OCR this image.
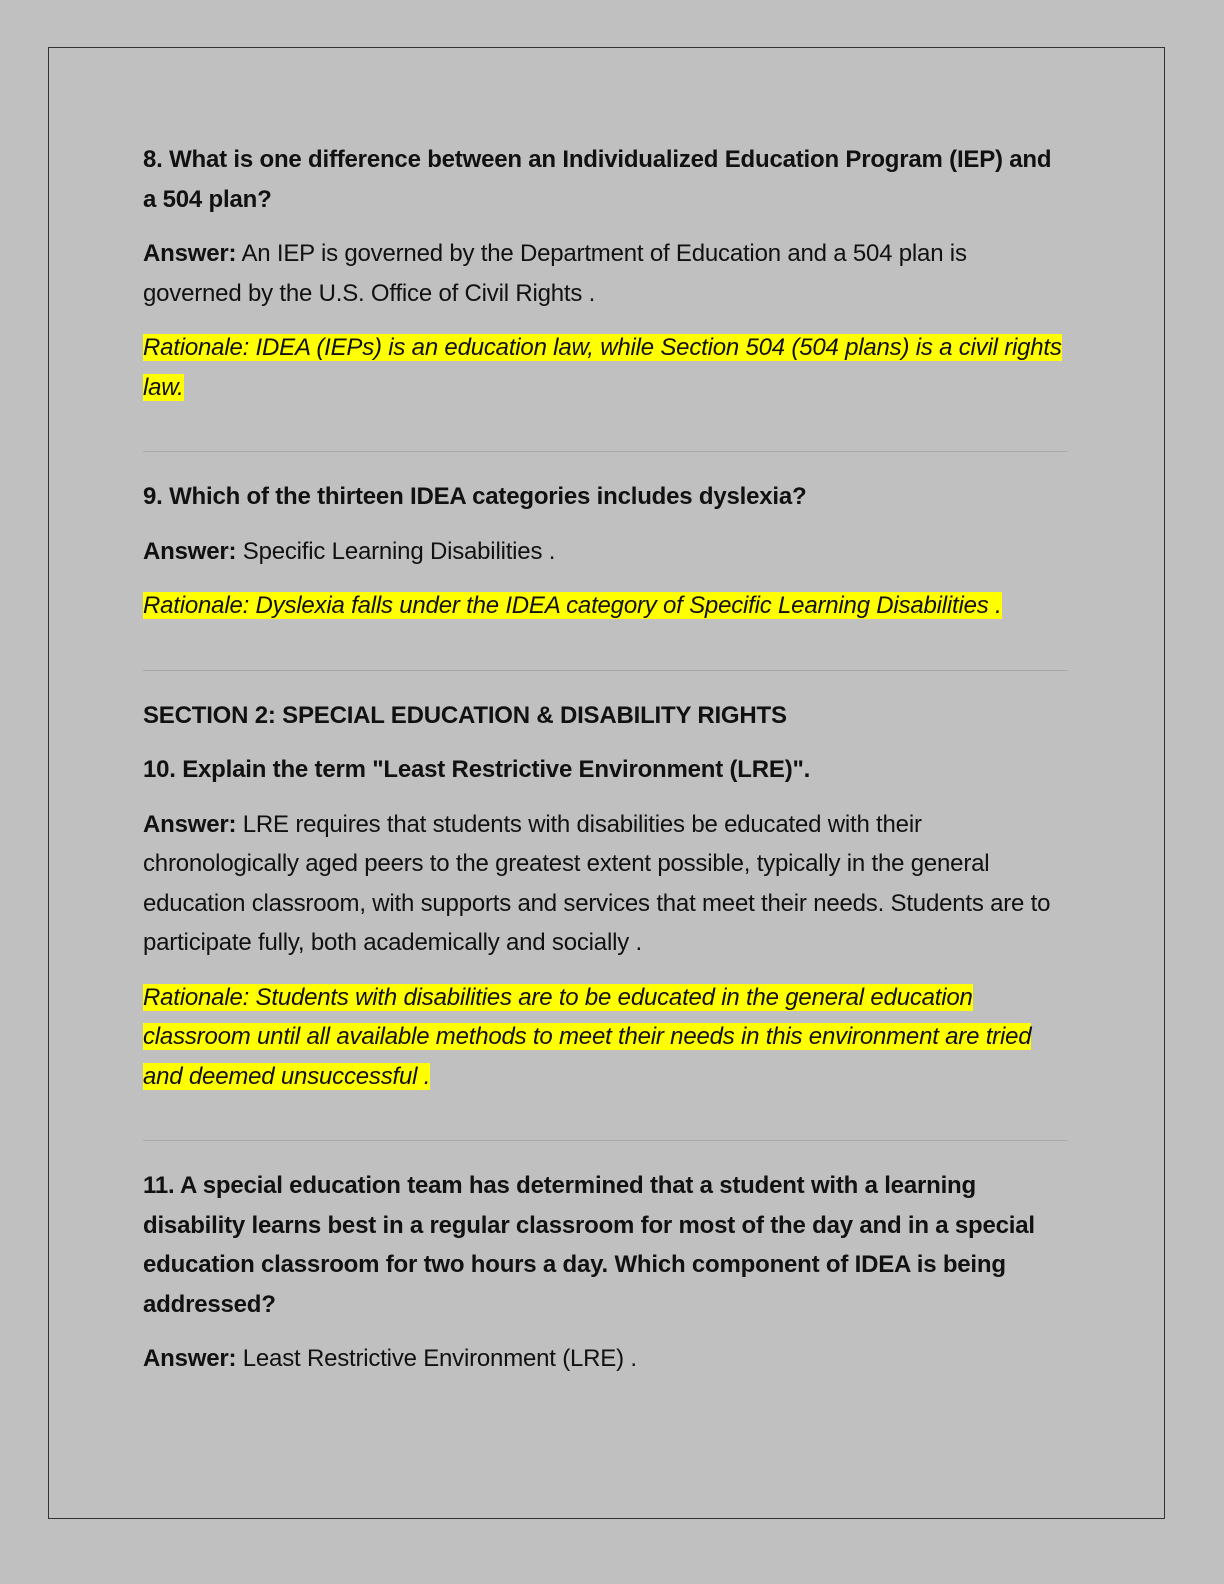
8. What is one difference between an Individualized Education Program (IEP) and a 504 plan?

Answer: An IEP is governed by the Department of Education and a 504 plan is governed by the U.S. Office of Civil Rights .

Rationale: IDEA (IEPs) is an education law, while Section 504 (504 plans) is a civil rights law.

9. Which of the thirteen IDEA categories includes dyslexia?

Answer: Specific Learning Disabilities .

Rationale: Dyslexia falls under the IDEA category of Specific Learning Disabilities .

SECTION 2: SPECIAL EDUCATION & DISABILITY RIGHTS

10. Explain the term "Least Restrictive Environment (LRE)".

Answer: LRE requires that students with disabilities be educated with their chronologically aged peers to the greatest extent possible, typically in the general education classroom, with supports and services that meet their needs. Students are to participate fully, both academically and socially .

Rationale: Students with disabilities are to be educated in the general education classroom until all available methods to meet their needs in this environment are tried and deemed unsuccessful .

11. A special education team has determined that a student with a learning disability learns best in a regular classroom for most of the day and in a special education classroom for two hours a day. Which component of IDEA is being addressed?

Answer: Least Restrictive Environment (LRE) .
